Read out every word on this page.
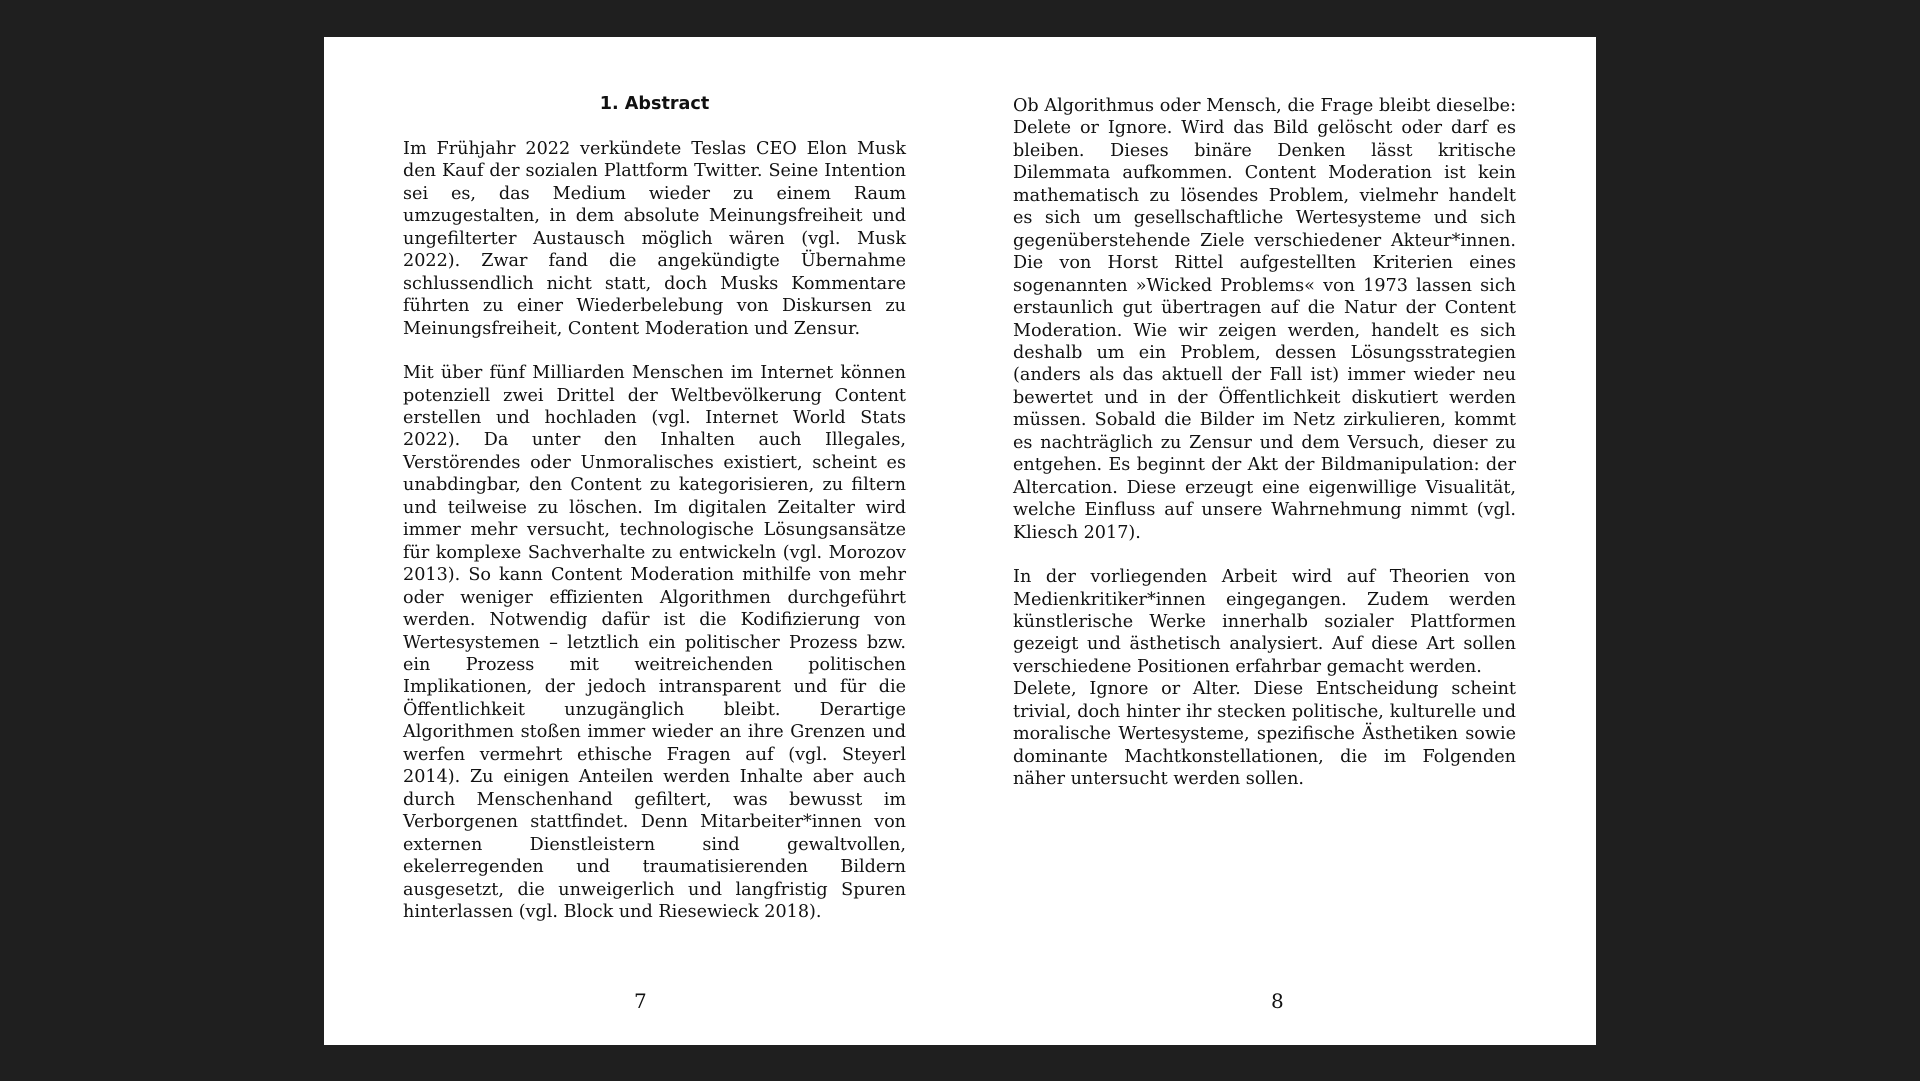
1. Abstract

Im Frühjahr 2022 verkündete Teslas CEO Elon Musk den Kauf der sozialen Plattform Twitter. Seine Intention sei es, das Medium wieder zu einem Raum umzugestalten, in dem absolute Meinungsfreiheit und ungefilterter Austausch möglich wären (vgl. Musk 2022). Zwar fand die angekündigte Übernahme schlussendlich nicht statt, doch Musks Kommentare führten zu einer Wiederbelebung von Diskursen zu Meinungsfreiheit, Content Moderation und Zensur.

Mit über fünf Milliarden Menschen im Internet können potenziell zwei Drittel der Weltbevölkerung Content erstellen und hochladen (vgl. Internet World Stats 2022). Da unter den Inhalten auch Illegales, Verstörendes oder Unmoralisches existiert, scheint es unabdingbar, den Content zu kategorisieren, zu filtern und teilweise zu löschen. Im digitalen Zeitalter wird immer mehr versucht, technologische Lösungsansätze für komplexe Sachverhalte zu entwickeln (vgl. Morozov 2013). So kann Content Moderation mithilfe von mehr oder weniger effizienten Algorithmen durchgeführt werden. Notwendig dafür ist die Kodifizierung von Wertesystemen – letztlich ein politischer Prozess bzw. ein Prozess mit weitreichenden politischen Implikationen, der jedoch intransparent und für die Öffentlichkeit unzugänglich bleibt. Derartige Algorithmen stoßen immer wieder an ihre Grenzen und werfen vermehrt ethische Fragen auf (vgl. Steyerl 2014). Zu einigen Anteilen werden Inhalte aber auch durch Menschenhand gefiltert, was bewusst im Verborgenen stattfindet. Denn Mitarbeiter*innen von externen Dienstleistern sind gewaltvollen, ekelerregenden und traumatisierenden Bildern ausgesetzt, die unweigerlich und langfristig Spuren hinterlassen (vgl. Block und Riesewieck 2018).

7

Ob Algorithmus oder Mensch, die Frage bleibt dieselbe: Delete or Ignore. Wird das Bild gelöscht oder darf es bleiben. Dieses binäre Denken lässt kritische Dilemmata aufkommen. Content Moderation ist kein mathematisch zu lösendes Problem, vielmehr handelt es sich um gesellschaftliche Wertesysteme und sich gegenüberstehende Ziele verschiedener Akteur*innen. Die von Horst Rittel aufgestellten Kriterien eines sogenannten »Wicked Problems« von 1973 lassen sich erstaunlich gut übertragen auf die Natur der Content Moderation. Wie wir zeigen werden, handelt es sich deshalb um ein Problem, dessen Lösungsstrategien (anders als das aktuell der Fall ist) immer wieder neu bewertet und in der Öffentlichkeit diskutiert werden müssen. Sobald die Bilder im Netz zirkulieren, kommt es nachträglich zu Zensur und dem Versuch, dieser zu entgehen. Es beginnt der Akt der Bildmanipulation: der Altercation. Diese erzeugt eine eigenwillige Visualität, welche Einfluss auf unsere Wahrnehmung nimmt (vgl. Kliesch 2017).

In der vorliegenden Arbeit wird auf Theorien von Medienkritiker*innen eingegangen. Zudem werden künstlerische Werke innerhalb sozialer Plattformen gezeigt und ästhetisch analysiert. Auf diese Art sollen verschiedene Positionen erfahrbar gemacht werden.

Delete, Ignore or Alter. Diese Entscheidung scheint trivial, doch hinter ihr stecken politische, kulturelle und moralische Wertesysteme, spezifische Ästhetiken sowie dominante Machtkonstellationen, die im Folgenden näher untersucht werden sollen.

8
